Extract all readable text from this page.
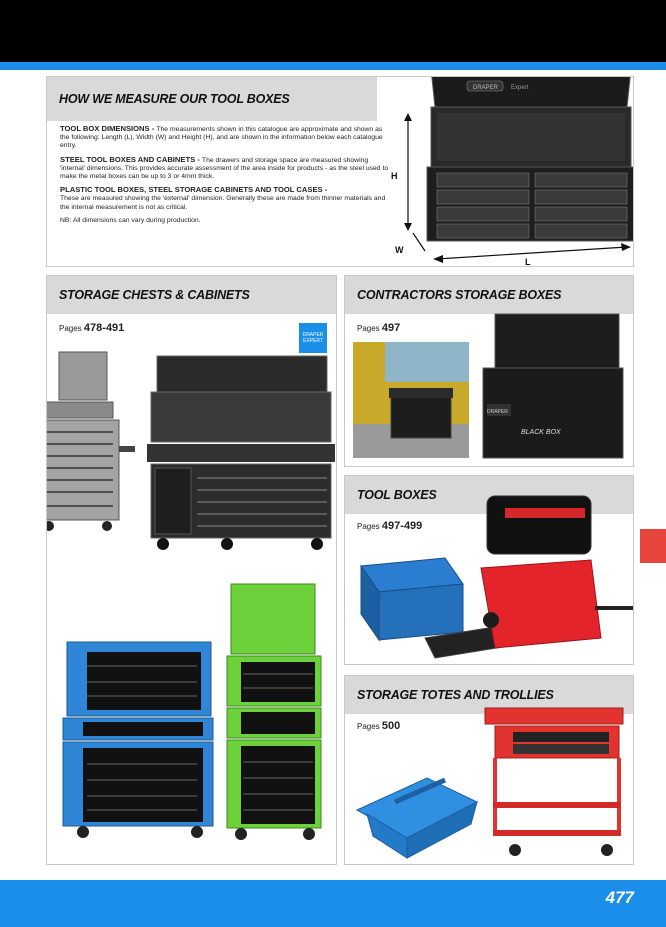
HOW WE MEASURE OUR TOOL BOXES

TOOL BOX DIMENSIONS - The measurements shown in this catalogue are approximate and shown as the following: Length (L), Width (W) and Height (H), and are shown in the information below each catalogue entry.

STEEL TOOL BOXES AND CABINETS - The drawers and storage space are measured showing 'internal' dimensions. This provides accurate assessment of the area inside for products - as the steel used to make the metal boxes can be up to 3 or 4mm thick.

PLASTIC TOOL BOXES, STEEL STORAGE CABINETS AND TOOL CASES -
These are measured showing the 'external' dimension. Generally these are made from thinner materials and the internal measurement is not as critical.

NB: All dimensions can vary during production.

DRAPER Expert
H
W
L
STORAGE CHESTS & CABINETS
Pages 478-491
DRAPER
EXPERT
CONTRACTORS STORAGE BOXES
Pages 497
DRAPER
BLACK BOX
TOOL BOXES
Pages 497-499
STORAGE TOTES AND TROLLIES
Pages 500
477
